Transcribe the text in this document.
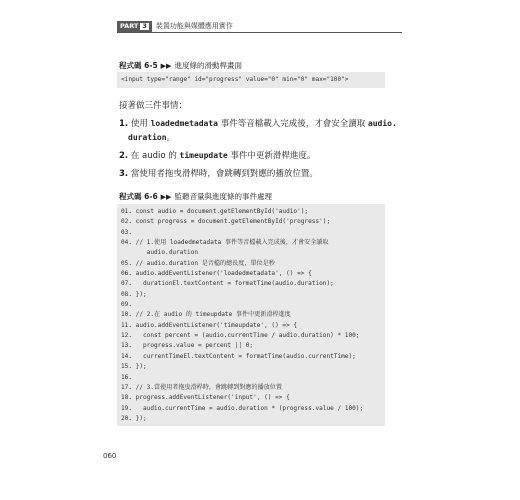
PART 3 裝置功能與媒體應用實作
程式碼 6-5 ▶▶ 進度條的滑動桿畫面
<input type="range" id="progress" value="0" min="0" max="100">
接著做三件事情：
1. 使用 loadedmetadata 事件等音檔載入完成後，才會安全讀取 audio.
duration。
2. 在 audio 的 timeupdate 事件中更新滑桿進度。
3. 當使用者拖曳滑桿時，會跳轉到對應的播放位置。
程式碼 6-6 ▶▶ 監聽音量與進度條的事件處理
01. const audio = document.getElementById('audio');
02. const progress = document.getElementById('progress');
03.
04. // 1.使用 loadedmetadata 事件等音檔載入完成後，才會安全讀取
audio.duration
05. // audio.duration 是音檔的總長度，單位是秒
06. audio.addEventListener('loadedmetadata', () => {
07.   durationEl.textContent = formatTime(audio.duration);
08. });
09.
10. // 2.在 audio 的 timeupdate 事件中更新滑桿進度
11. audio.addEventListener('timeupdate', () => {
12.   const percent = (audio.currentTime / audio.duration) * 100;
13.   progress.value = percent || 0;
14.   currentTimeEl.textContent = formatTime(audio.currentTime);
15. });
16.
17. // 3.當使用者拖曳滑桿時，會跳轉到對應的播放位置
18. progress.addEventListener('input', () => {
19.   audio.currentTime = audio.duration * (progress.value / 100);
20. });
060
